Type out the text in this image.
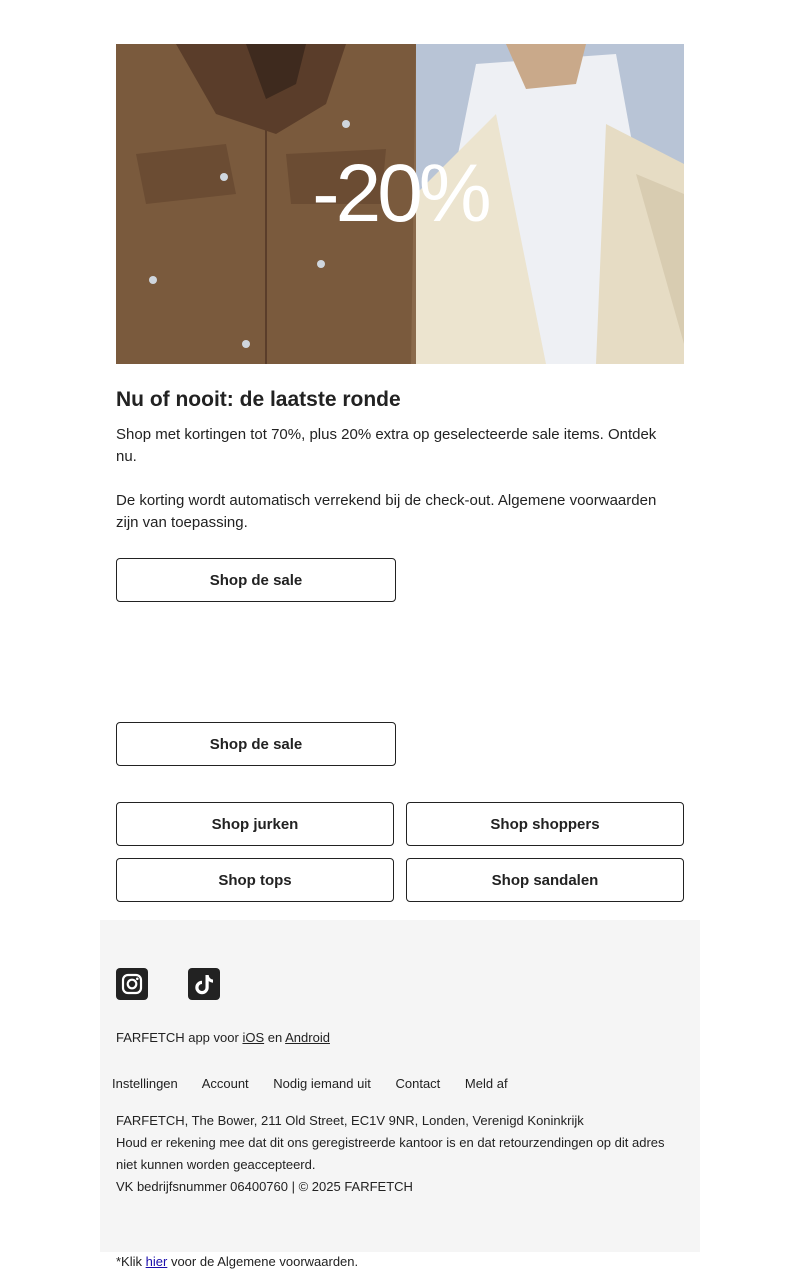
-20%
Nu of nooit: de laatste ronde
Shop met kortingen tot 70%, plus 20% extra op geselecteerde sale items. Ontdek nu.
De korting wordt automatisch verrekend bij de check-out. Algemene voorwaarden zijn van toepassing.
Shop de sale
Shop de sale
Shop jurken	Shop shoppers
Shop tops	Shop sandalen
FARFETCH app voor iOS en Android
Instellingen Account Nodig iemand uit Contact Meld af
FARFETCH, The Bower, 211 Old Street, EC1V 9NR, Londen, Verenigd Koninkrijk
Houd er rekening mee dat dit ons geregistreerde kantoor is en dat retourzendingen op dit adres niet kunnen worden geaccepteerd.
VK bedrijfsnummer 06400760 | © 2025 FARFETCH
*Klik hier voor de Algemene voorwaarden.
